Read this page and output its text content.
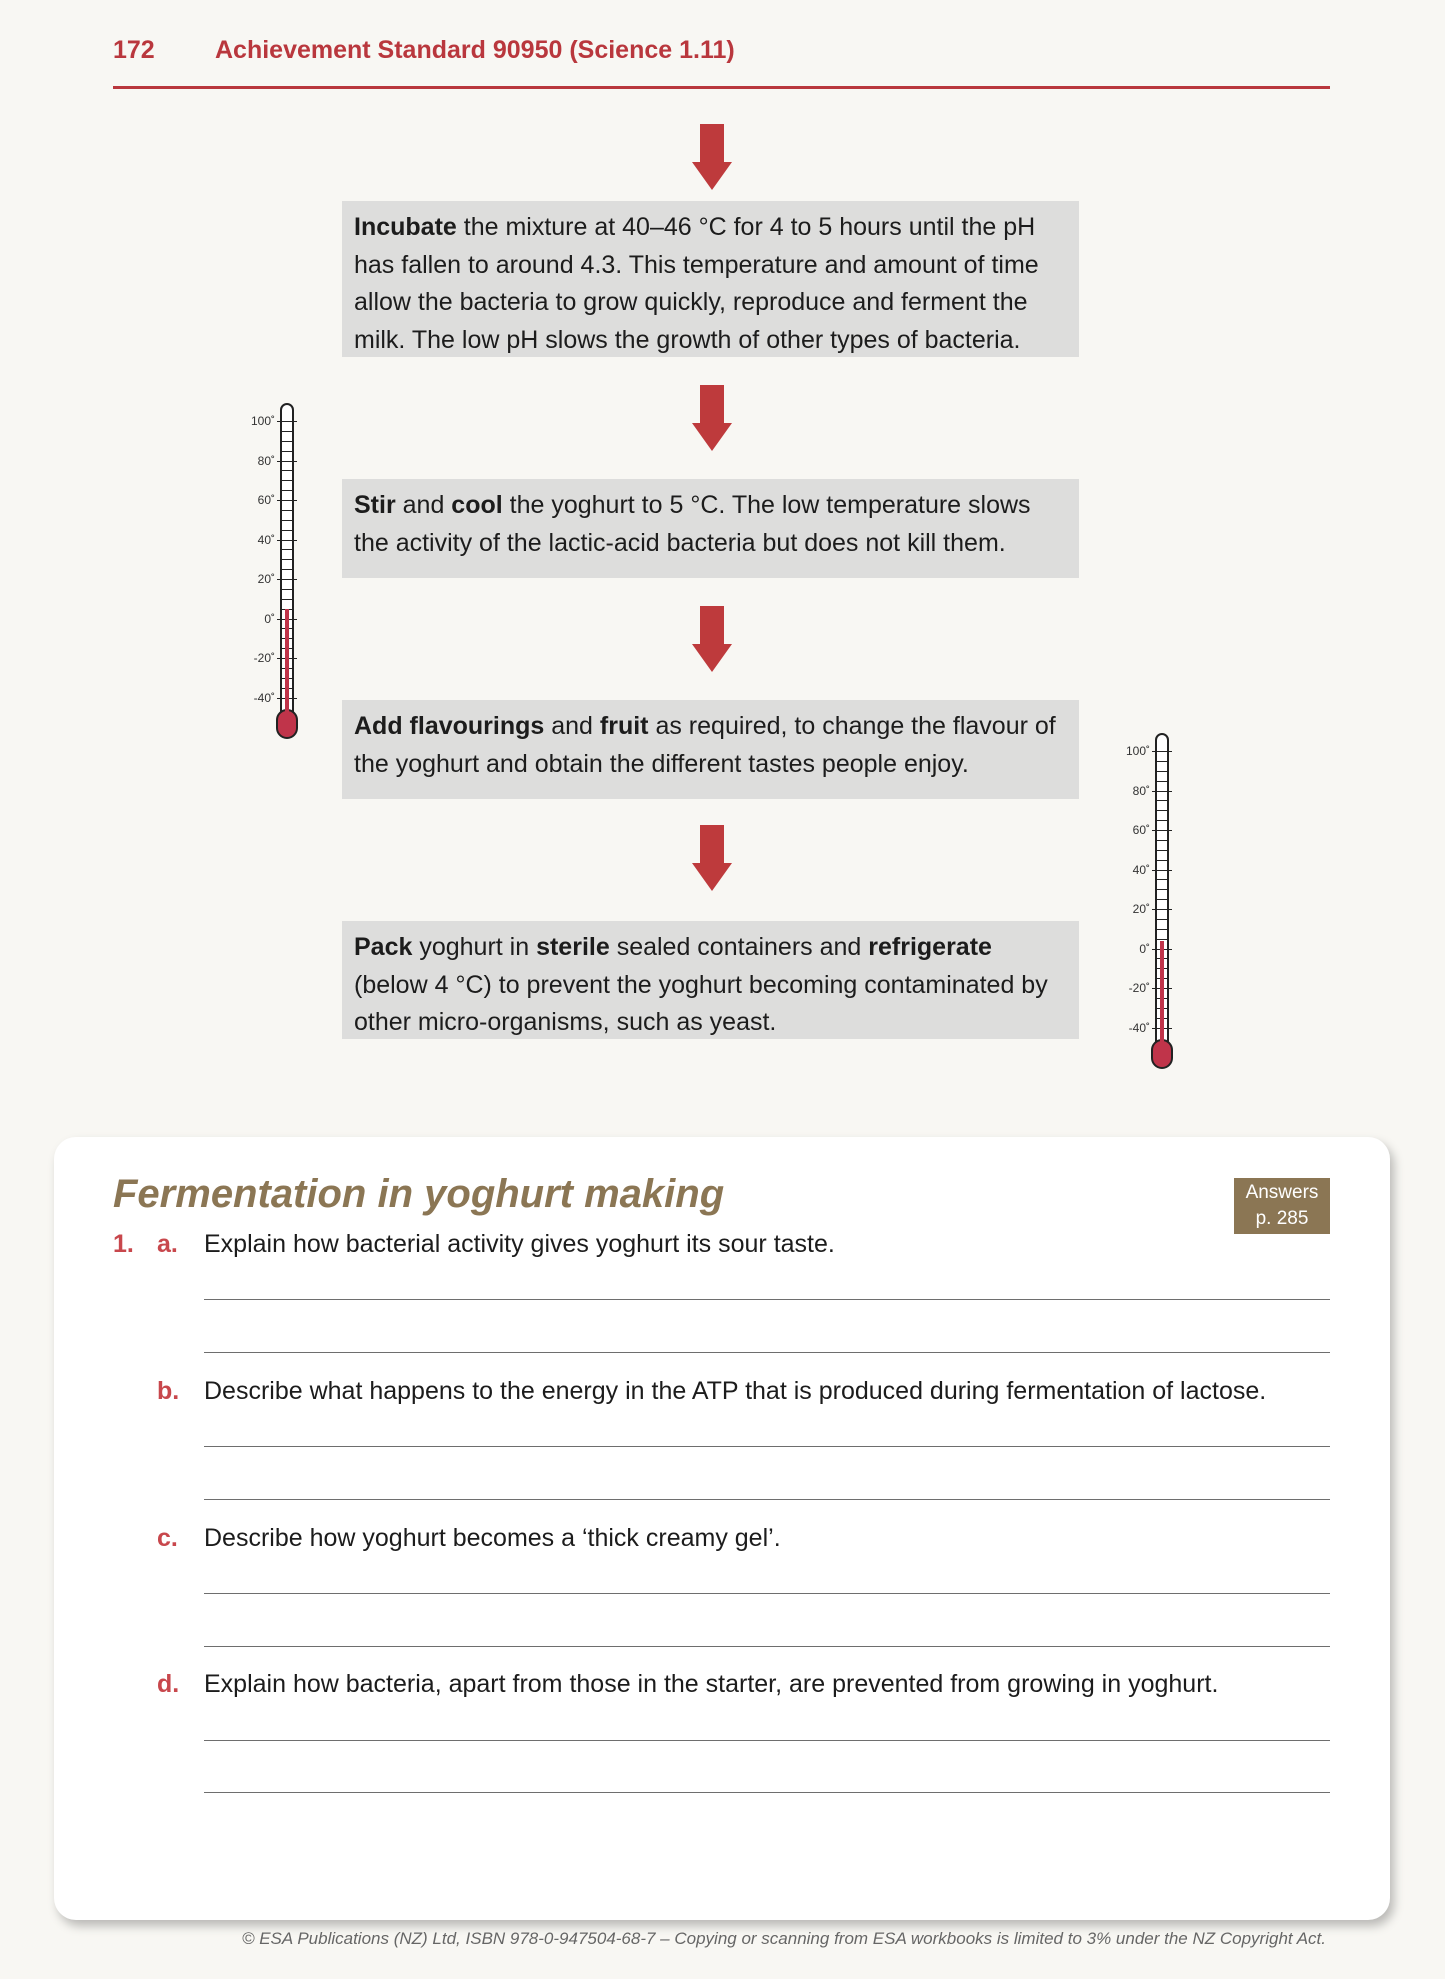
172 Achievement Standard 90950 (Science 1.11)
Incubate the mixture at 40–46 °C for 4 to 5 hours until the pH has fallen to around 4.3. This temperature and amount of time allow the bacteria to grow quickly, reproduce and ferment the milk. The low pH slows the growth of other types of bacteria.
Stir and cool the yoghurt to 5 °C. The low temperature slows the activity of the lactic-acid bacteria but does not kill them.
Add flavourings and fruit as required, to change the flavour of the yoghurt and obtain the different tastes people enjoy.
Pack yoghurt in sterile sealed containers and refrigerate (below 4 °C) to prevent the yoghurt becoming contaminated by other micro-organisms, such as yeast.
100˚
80˚
60˚
40˚
20˚
0˚
-20˚
-40˚
100˚
80˚
60˚
40˚
20˚
0˚
-20˚
-40˚
Fermentation in yoghurt making	Answers
p. 285
1. a. Explain how bacterial activity gives yoghurt its sour taste.
b. Describe what happens to the energy in the ATP that is produced during fermentation of lactose.
c. Describe how yoghurt becomes a ‘thick creamy gel’.
d. Explain how bacteria, apart from those in the starter, are prevented from growing in yoghurt.
© ESA Publications (NZ) Ltd, ISBN 978-0-947504-68-7 – Copying or scanning from ESA workbooks is limited to 3% under the NZ Copyright Act.
